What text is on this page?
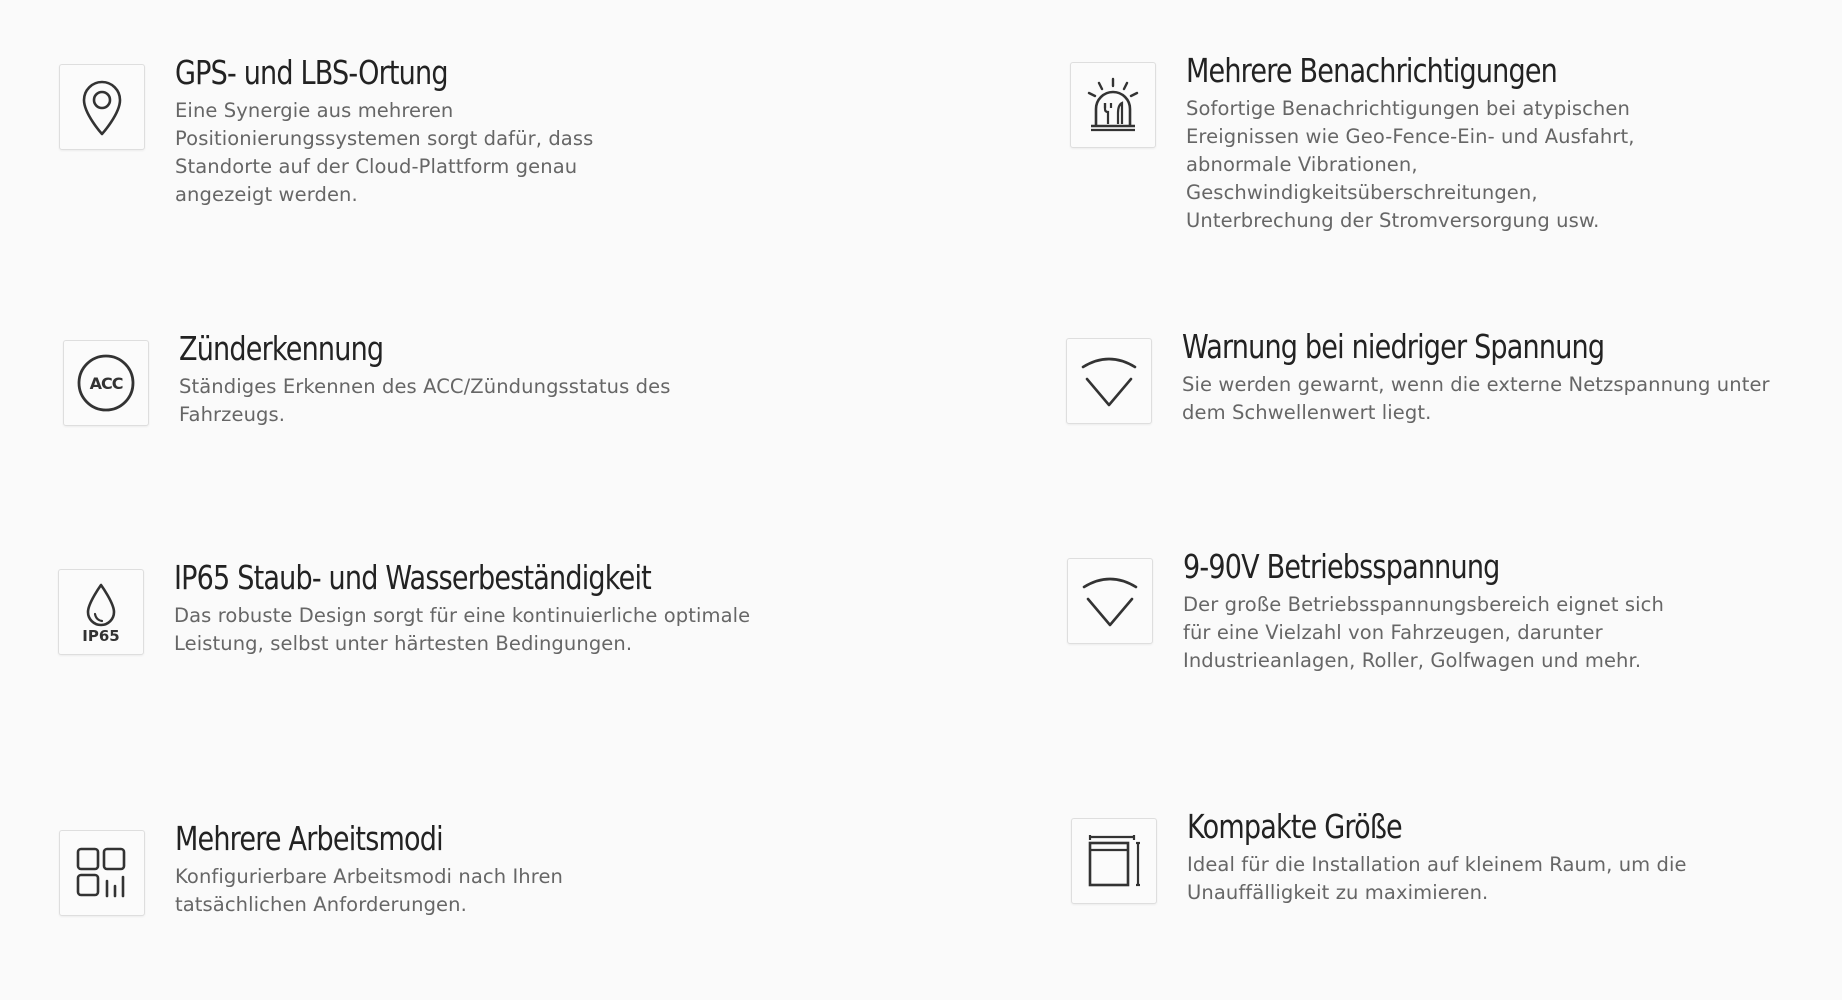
GPS- und LBS-Ortung

Eine Synergie aus mehreren Positionierungssystemen sorgt dafür, dass Standorte auf der Cloud-Plattform genau angezeigt werden.

Mehrere Benachrichtigungen

Sofortige Benachrichtigungen bei atypischen Ereignissen wie Geo-Fence-Ein- und Ausfahrt, abnormale Vibrationen, Geschwindigkeitsüberschreitungen, Unterbrechung der Stromversorgung usw.

ACC
Zünderkennung

Ständiges Erkennen des ACC/Zündungsstatus des Fahrzeugs.

Warnung bei niedriger Spannung

Sie werden gewarnt, wenn die externe Netzspannung unter dem Schwellenwert liegt.

IP65
IP65 Staub- und Wasserbeständigkeit

Das robuste Design sorgt für eine kontinuierliche optimale Leistung, selbst unter härtesten Bedingungen.

9-90V Betriebsspannung

Der große Betriebsspannungsbereich eignet sich für eine Vielzahl von Fahrzeugen, darunter Industrieanlagen, Roller, Golfwagen und mehr.

Mehrere Arbeitsmodi

Konfigurierbare Arbeitsmodi nach Ihren tatsächlichen Anforderungen.

Kompakte Größe

Ideal für die Installation auf kleinem Raum, um die Unauffälligkeit zu maximieren.
